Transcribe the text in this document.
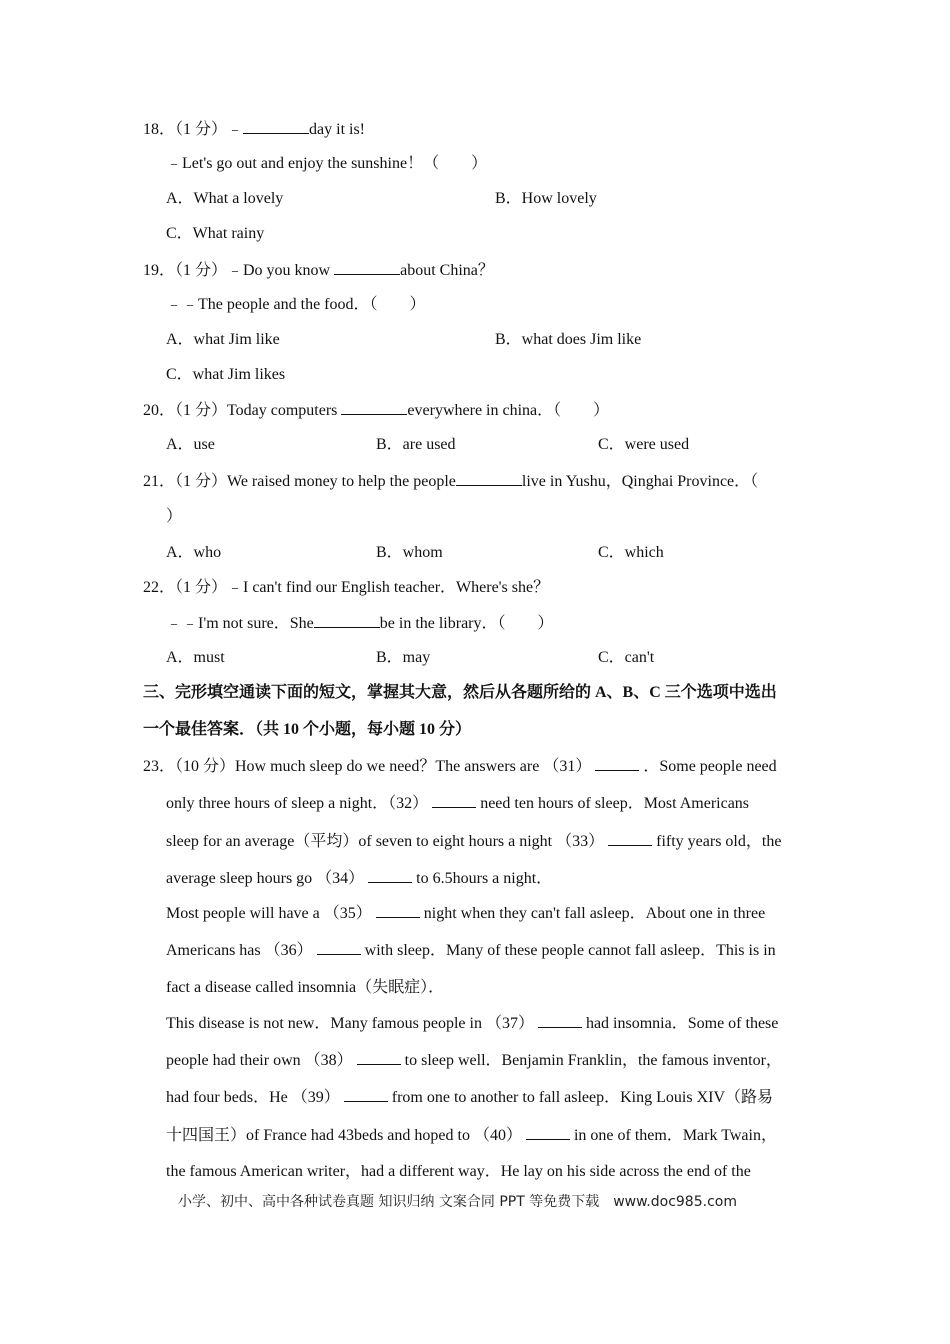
18．（1 分）﹣	day it is!
﹣Let's go out and enjoy the sunshine！（　　）
A．What a lovely	B．How lovely
C．What rainy
19．（1 分）﹣Do you know	about China？
﹣﹣The people and the food．（　　）
A．what Jim like	B．what does Jim like
C．what Jim likes
20．（1 分）Today computers	everywhere in china．（　　）
A．use	B．are used	C．were used
21．（1 分）We raised money to help the people	live in Yushu，Qinghai Province．（
）
A．who	B．whom	C．which
22．（1 分）﹣I can't find our English teacher．Where's she？
﹣﹣I'm not sure．She	be in the library．（　　）
A．must	B．may	C．can't
三、完形填空通读下面的短文，掌握其大意，然后从各题所给的 A、B、C 三个选项中选出
一个最佳答案．（共 10 个小题，每小题 10 分）
23．（10 分）How much sleep do we need？The answers are （31）	．Some people need
only three hours of sleep a night．（32）	need ten hours of sleep．Most Americans
sleep for an average（平均）of seven to eight hours a night （33）	fifty years old，the
average sleep hours go （34）	to 6.5hours a night．
Most people will have a （35）	night when they can't fall asleep．About one in three
Americans has （36）	with sleep．Many of these people cannot fall asleep．This is in
fact a disease called insomnia（失眠症）．
This disease is not new．Many famous people in （37）	had insomnia．Some of these
people had their own （38）	to sleep well．Benjamin Franklin，the famous inventor，
had four beds．He （39）	from one to another to fall asleep．King Louis XIV（路易
十四国王）of France had 43beds and hoped to （40）	in one of them．Mark Twain，
the famous American writer，had a different way．He lay on his side across the end of the
小学、初中、高中各种试卷真题 知识归纳 文案合同 PPT 等免费下载　www.doc985.com
